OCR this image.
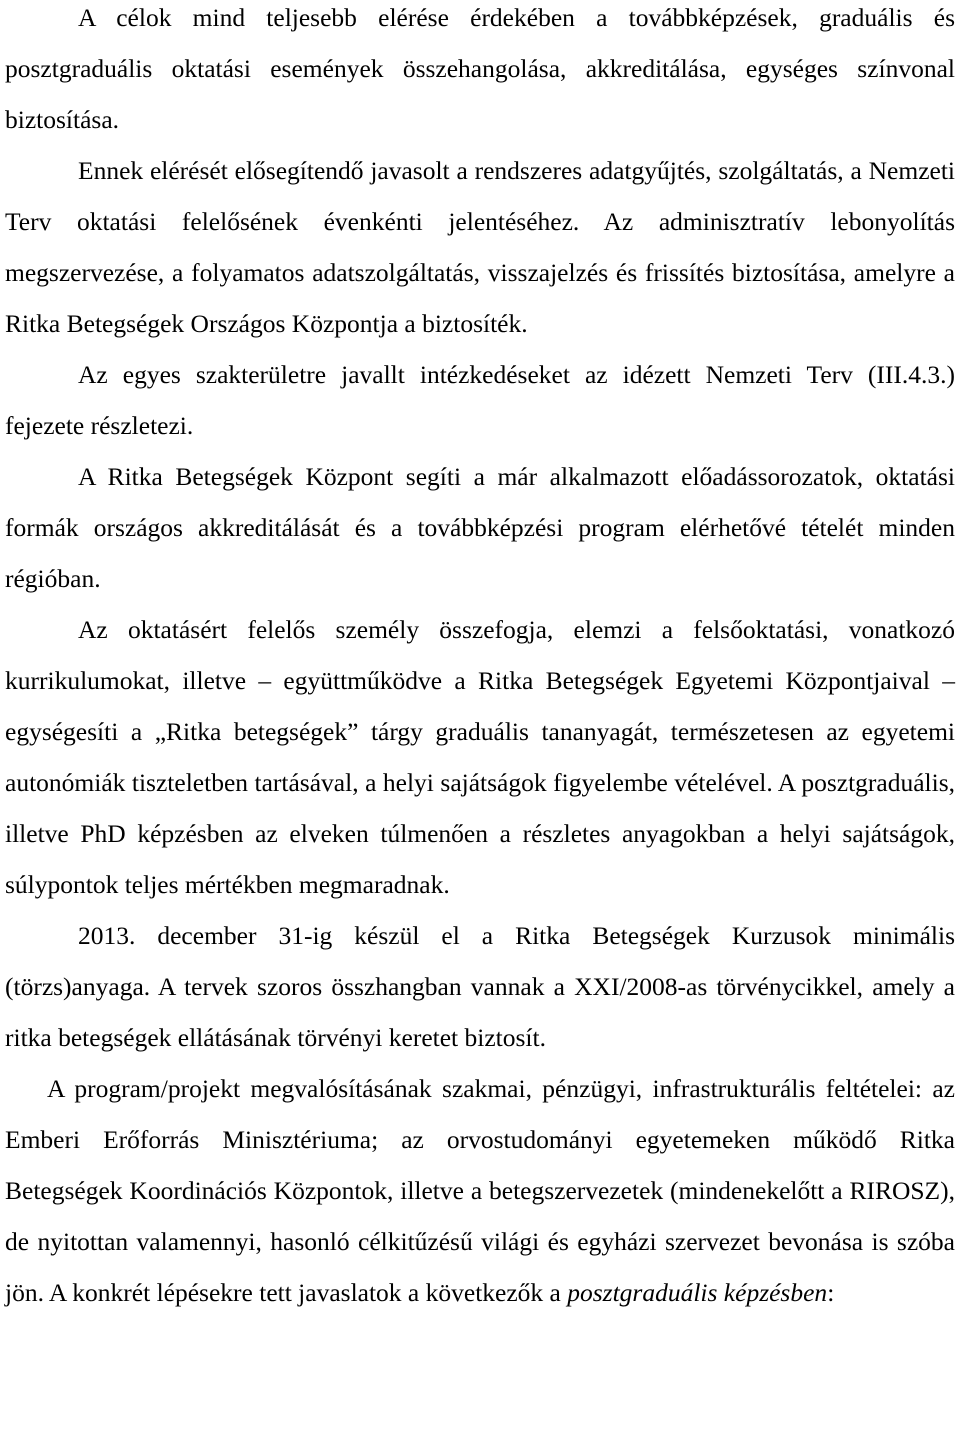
A célok mind teljesebb elérése érdekében a továbbképzések, graduális és posztgraduális oktatási események összehangolása, akkreditálása, egységes színvonal biztosítása.

Ennek elérését elősegítendő javasolt a rendszeres adatgyűjtés, szolgáltatás, a Nemzeti Terv oktatási felelősének évenkénti jelentéséhez. Az adminisztratív lebonyolítás megszervezése, a folyamatos adatszolgáltatás, visszajelzés és frissítés biztosítása, amelyre a Ritka Betegségek Országos Központja a biztosíték.

Az egyes szakterületre javallt intézkedéseket az idézett Nemzeti Terv (III.4.3.) fejezete részletezi.

A Ritka Betegségek Központ segíti a már alkalmazott előadássorozatok, oktatási formák országos akkreditálását és a továbbképzési program elérhetővé tételét minden régióban.

Az oktatásért felelős személy összefogja, elemzi a felsőoktatási, vonatkozó kurrikulumokat, illetve – együttműködve a Ritka Betegségek Egyetemi Központjaival – egységesíti a „Ritka betegségek” tárgy graduális tananyagát, természetesen az egyetemi autonómiák tiszteletben tartásával, a helyi sajátságok figyelembe vételével. A posztgraduális, illetve PhD képzésben az elveken túlmenően a részletes anyagokban a helyi sajátságok, súlypontok teljes mértékben megmaradnak.

2013. december 31-ig készül el a Ritka Betegségek Kurzusok minimális (törzs)anyaga. A tervek szoros összhangban vannak a XXI/2008-as törvénycikkel, amely a ritka betegségek ellátásának törvényi keretet biztosít.

A program/projekt megvalósításának szakmai, pénzügyi, infrastrukturális feltételei: az Emberi Erőforrás Minisztériuma; az orvostudományi egyetemeken működő Ritka Betegségek Koordinációs Központok, illetve a betegszervezetek (mindenekelőtt a RIROSZ), de nyitottan valamennyi, hasonló célkitűzésű világi és egyházi szervezet bevonása is szóba jön. A konkrét lépésekre tett javaslatok a következők a posztgraduális képzésben:
